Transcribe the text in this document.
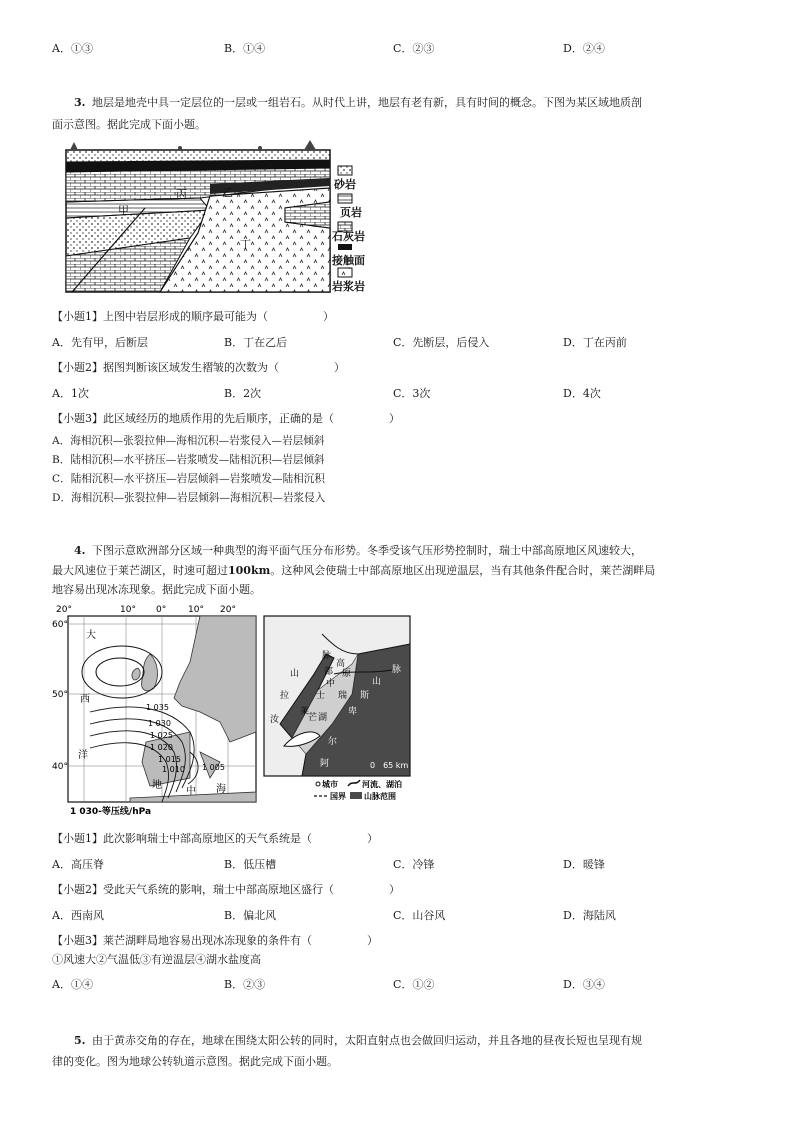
A．①③	B．①④	C．②③	D．②④
3. 地层是地壳中具一定层位的一层或一组岩石。从时代上讲，地层有老有新，具有时间的概念。下图为某区域地质剖
面示意图。据此完成下面小题。
丙	乙
甲
丁
砂岩
页岩
石灰岩
接触面
岩浆岩
【小题1】上图中岩层形成的顺序最可能为（　　　　　）
A．先有甲，后断层	B．丁在乙后	C．先断层，后侵入	D．丁在丙前
【小题2】据图判断该区域发生褶皱的次数为（　　　　　）
A．1次	B．2次	C．3次	D．4次
【小题3】此区域经历的地质作用的先后顺序，正确的是（　　　　　）
A．海相沉积—张裂拉伸—海相沉积—岩浆侵入—岩层倾斜
B．陆相沉积—水平挤压—岩浆喷发—陆相沉积—岩层倾斜
C．陆相沉积—水平挤压—岩层倾斜—岩浆喷发—陆相沉积
D．海相沉积—张裂拉伸—岩层倾斜—海相沉积—岩浆侵入
4. 下图示意欧洲部分区域一种典型的海平面气压分布形势。冬季受该气压形势控制时，瑞士中部高原地区风速较大，
最大风速位于莱芒湖区，时速可超过100km。这种风会使瑞士中部高原地区出现逆温层，当有其他条件配合时，莱芒湖畔局
地容易出现冰冻现象。据此完成下面小题。
20°	10° 0° 10° 20°
60°
50°
40°
大
西
洋
地
中 海
1 035
1 030
1 025
1 020
1 015
1 010 1 005
1 030-等压线/hPa
脉
山
高
原
部
中
士 瑞
拉
汝
莱
芒 湖
斯
卑
山
脉
尔
阿	0　65 km
城市	河流、湖泊
国界 山脉范围
【小题1】此次影响瑞士中部高原地区的天气系统是（　　　　　）
A．高压脊	B．低压槽	C．冷锋	D．暖锋
【小题2】受此天气系统的影响，瑞士中部高原地区盛行（　　　　　）
A．西南风	B．偏北风	C．山谷风	D．海陆风
【小题3】莱芒湖畔局地容易出现冰冻现象的条件有（　　　　　）
①风速大②气温低③有逆温层④湖水盐度高
A．①④	B．②③	C．①②	D．③④
5. 由于黄赤交角的存在，地球在围绕太阳公转的同时，太阳直射点也会做回归运动，并且各地的昼夜长短也呈现有规
律的变化。图为地球公转轨道示意图。据此完成下面小题。
